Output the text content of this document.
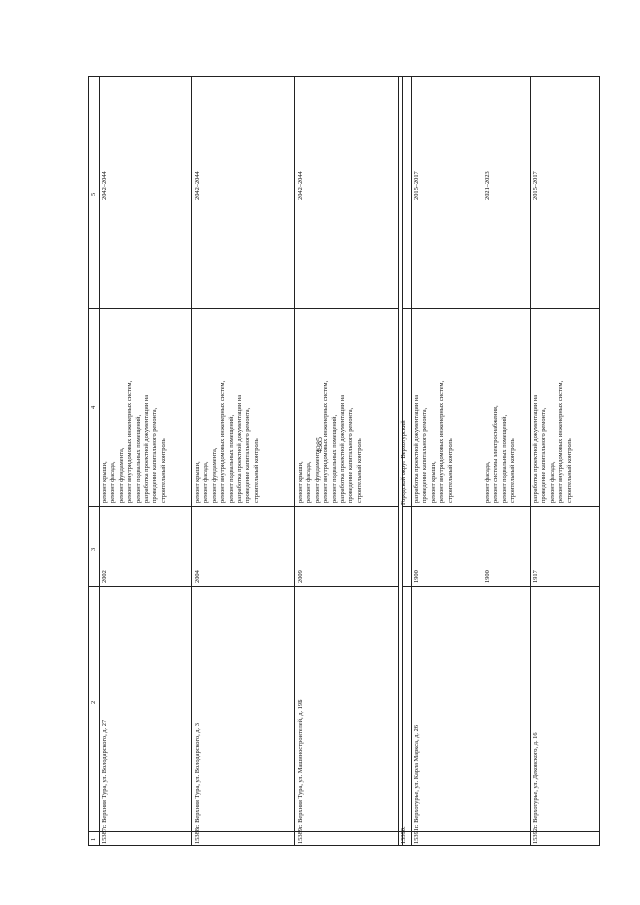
4385
1
2
3
4
5
15387.
г. Верхняя Тура, ул. Володарского, д. 27
2002
ремонт крыши, ремонт фасада, ремонт фундамента, ремонт внутридомовых инженерных систем, ремонт подвальных помещений, разработка проектной документации на проведение капитального ремонта, строительный контроль
2042–2044
15388.
г. Верхняя Тура, ул. Володарского, д. 3
2004
ремонт крыши, ремонт фасада, ремонт фундамента, ремонт внутридомовых инженерных систем, ремонт подвальных помещений, разработка проектной документации на проведение капитального ремонта, строительный контроль
2042–2044
15389.
г. Верхняя Тура, ул. Машиностроителей, д. 19Б
2009
ремонт крыши, ремонт фасада, ремонт фундамента, ремонт внутридомовых инженерных систем, ремонт подвальных помещений, разработка проектной документации на проведение капитального ремонта, строительный контроль
2042–2044
15390.
Городской округ Верхотурский
15391.
г. Верхотурье, ул. Карла Маркса, д. 26
1900
разработка проектной документации на проведение капитального ремонта, ремонт крыши, ремонт внутридомовых инженерных систем, строительный контроль
2015–2017
1900
ремонт фасада, ремонт системы электроснабжения, ремонт подвальных помещений, строительный контроль
2021–2023
15392.
г. Верхотурье, ул. Дековского, д. 16
1917
разработка проектной документации на проведение капитального ремонта, ремонт фасада, ремонт внутридомовых инженерных систем, строительный контроль
2015–2017
